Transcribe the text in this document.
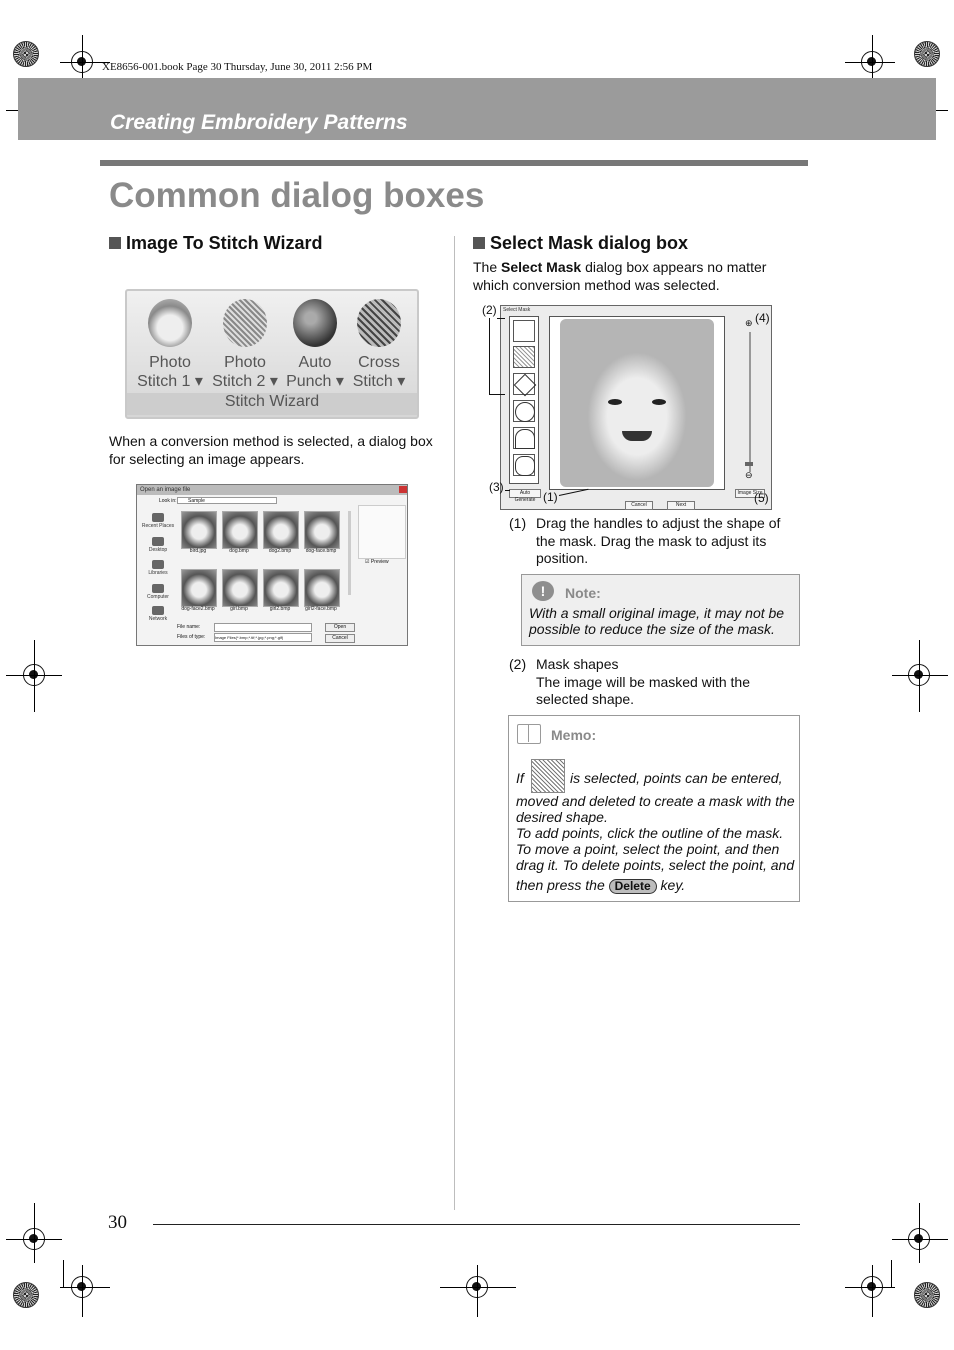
XE8656-001.book Page 30 Thursday, June 30, 2011 2:56 PM
Creating Embroidery Patterns
Common dialog boxes
Image To Stitch Wizard
Photo
Stitch 1 ▾
Photo
Stitch 2 ▾
Auto
Punch ▾
Cross
Stitch ▾
Stitch Wizard
When a conversion method is selected, a dialog box
for selecting an image appears.
Open an image file
Look in:	Sample
Recent Places
Desktop
Libraries
Computer
Network
bird.jpg	dog.bmp	dog2.bmp	dog-face.bmp
dog-face2.bmp	girl.bmp	girl2.bmp	girl2-face.bmp
☑ Preview
File name:
Files of type: Image Files(*.bmp;*.tif;*.jpg;*.png;*.gif)
Open
Cancel
Select Mask dialog box
The Select Mask dialog box appears no matter
which conversion method was selected.
Select Mask
⊕
⊖
Auto Generate
Image Size
Cancel	Next
(2)
(3)
(1)
(4)
(5)
(1) Drag the handles to adjust the shape of
the mask. Drag the mask to adjust its
position.
!	Note:
With a small original image, it may not be
possible to reduce the size of the mask.
(2) Mask shapes
The image will be masked with the
selected shape.
Memo:
If	is selected, points can be entered,
moved and deleted to create a mask with the
desired shape.
To add points, click the outline of the mask.
To move a point, select the point, and then
drag it. To delete points, select the point, and
then press the Delete key.
30
